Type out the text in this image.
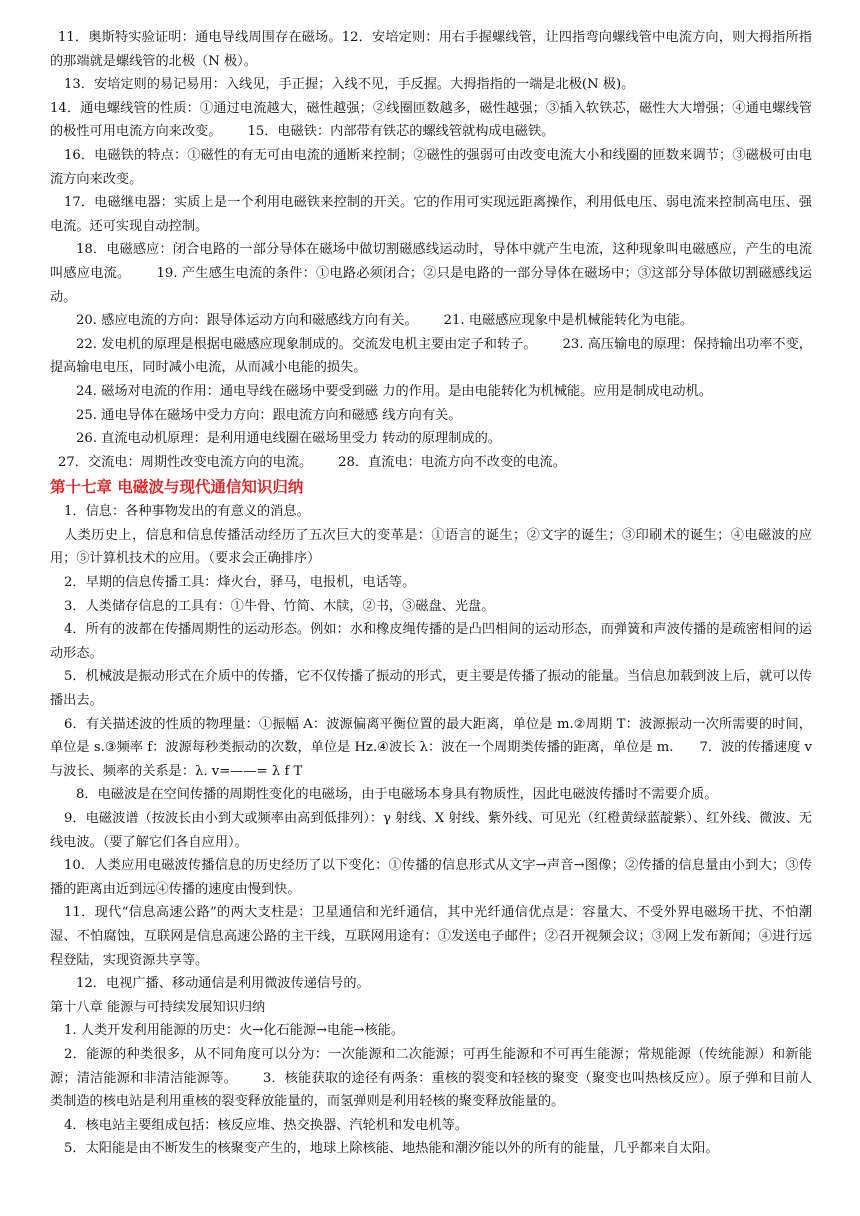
11．奥斯特实验证明：通电导线周围存在磁场。12．安培定则：用右手握螺线管，让四指弯向螺线管中电流方向，则大拇指所指的那端就是螺线管的北极（N 极）。

13．安培定则的易记易用：入线见，手正握；入线不见，手反握。大拇指指的一端是北极(N 极)。

14．通电螺线管的性质：①通过电流越大，磁性越强；②线圈匝数越多，磁性越强；③插入软铁芯，磁性大大增强；④通电螺线管的极性可用电流方向来改变。 15．电磁铁：内部带有铁芯的螺线管就构成电磁铁。

16．电磁铁的特点：①磁性的有无可由电流的通断来控制；②磁性的强弱可由改变电流大小和线圈的匝数来调节；③磁极可由电流方向来改变。

17．电磁继电器：实质上是一个利用电磁铁来控制的开关。它的作用可实现远距离操作，利用低电压、弱电流来控制高电压、强电流。还可实现自动控制。

18．电磁感应：闭合电路的一部分导体在磁场中做切割磁感线运动时，导体中就产生电流，这种现象叫电磁感应，产生的电流叫感应电流。 19. 产生感生电流的条件：①电路必须闭合；②只是电路的一部分导体在磁场中；③这部分导体做切割磁感线运动。

20. 感应电流的方向：跟导体运动方向和磁感线方向有关。 21. 电磁感应现象中是机械能转化为电能。

22. 发电机的原理是根据电磁感应现象制成的。交流发电机主要由定子和转子。 23. 高压输电的原理：保持输出功率不变，提高输电电压，同时减小电流，从而减小电能的损失。

24. 磁场对电流的作用：通电导线在磁场中要受到磁 力的作用。是由电能转化为机械能。应用是制成电动机。

25. 通电导体在磁场中受力方向：跟电流方向和磁感 线方向有关。

26. 直流电动机原理：是利用通电线圈在磁场里受力 转动的原理制成的。

27．交流电：周期性改变电流方向的电流。 28．直流电：电流方向不改变的电流。

第十七章 电磁波与现代通信知识归纳

1．信息：各种事物发出的有意义的消息。

人类历史上，信息和信息传播活动经历了五次巨大的变革是：①语言的诞生；②文字的诞生；③印刷术的诞生；④电磁波的应用；⑤计算机技术的应用。（要求会正确排序）

2．早期的信息传播工具：烽火台，驿马，电报机，电话等。

3．人类储存信息的工具有：①牛骨、竹简、木牍，②书，③磁盘、光盘。

4．所有的波都在传播周期性的运动形态。例如：水和橡皮绳传播的是凸凹相间的运动形态，而弹簧和声波传播的是疏密相间的运动形态。

5．机械波是振动形式在介质中的传播，它不仅传播了振动的形式，更主要是传播了振动的能量。当信息加载到波上后，就可以传播出去。

6．有关描述波的性质的物理量：①振幅 A：波源偏离平衡位置的最大距离，单位是 m.②周期 T：波源振动一次所需要的时间，单位是 s.③频率 f：波源每秒类振动的次数，单位是 Hz.④波长 λ：波在一个周期类传播的距离，单位是 m. 7．波的传播速度 v 与波长、频率的关系是：λ. v=——= λ f T

8．电磁波是在空间传播的周期性变化的电磁场，由于电磁场本身具有物质性，因此电磁波传播时不需要介质。

9．电磁波谱（按波长由小到大或频率由高到低排列）：γ 射线、X 射线、紫外线、可见光（红橙黄绿蓝靛紫）、红外线、微波、无线电波。（要了解它们各自应用）。

10．人类应用电磁波传播信息的历史经历了以下变化：①传播的信息形式从文字→声音→图像；②传播的信息量由小到大；③传播的距离由近到远④传播的速度由慢到快。

11．现代“信息高速公路”的两大支柱是：卫星通信和光纤通信，其中光纤通信优点是：容量大、不受外界电磁场干扰、不怕潮湿、不怕腐蚀，互联网是信息高速公路的主干线，互联网用途有：①发送电子邮件；②召开视频会议；③网上发布新闻；④进行远程登陆，实现资源共享等。

12．电视广播、移动通信是利用微波传递信号的。

第十八章 能源与可持续发展知识归纳

1. 人类开发利用能源的历史：火→化石能源→电能→核能。

2．能源的种类很多，从不同角度可以分为：一次能源和二次能源；可再生能源和不可再生能源；常规能源（传统能源）和新能源；清洁能源和非清洁能源等。 3．核能获取的途径有两条：重核的裂变和轻核的聚变（聚变也叫热核反应）。原子弹和目前人类制造的核电站是利用重核的裂变释放能量的，而氢弹则是利用轻核的聚变释放能量的。

4．核电站主要组成包括：核反应堆、热交换器、汽轮机和发电机等。

5．太阳能是由不断发生的核聚变产生的，地球上除核能、地热能和潮汐能以外的所有的能量，几乎都来自太阳。
